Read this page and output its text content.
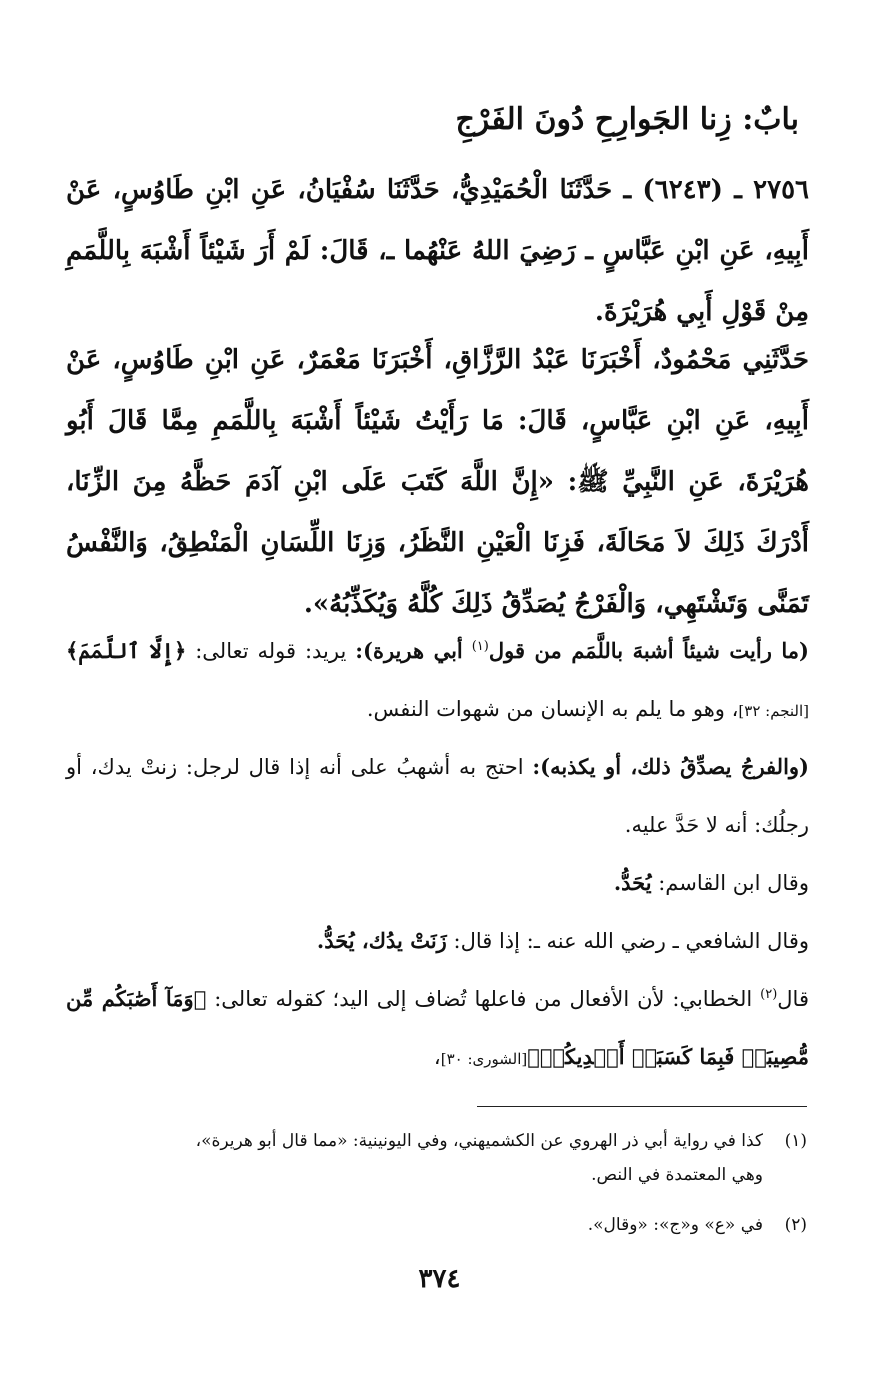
بابٌ: زِنا الجَوارِحِ دُونَ الفَرْجِ
٢٧٥٦ ـ (٦٢٤٣) ـ حَدَّثَنَا الْحُمَيْدِيُّ، حَدَّثَنَا سُفْيَانُ، عَنِ ابْنِ طَاوُسٍ، عَنْ أَبِيهِ، عَنِ ابْنِ عَبَّاسٍ ـ رَضِيَ اللهُ عَنْهُما ـ، قَالَ: لَمْ أَرَ شَيْئاً أَشْبَهَ بِاللَّمَمِ مِنْ قَوْلِ أَبِي هُرَيْرَةَ.
حَدَّثَنِي مَحْمُودٌ، أَخْبَرَنَا عَبْدُ الرَّزَّاقِ، أَخْبَرَنَا مَعْمَرٌ، عَنِ ابْنِ طَاوُسٍ، عَنْ أَبِيهِ، عَنِ ابْنِ عَبَّاسٍ، قَالَ: مَا رَأَيْتُ شَيْئاً أَشْبَهَ بِاللَّمَمِ مِمَّا قَالَ أَبُو هُرَيْرَةَ، عَنِ النَّبِيِّ ﷺ: «إِنَّ اللَّهَ كَتَبَ عَلَى ابْنِ آدَمَ حَظَّهُ مِنَ الزِّنَا، أَدْرَكَ ذَلِكَ لاَ مَحَالَةَ، فَزِنَا الْعَيْنِ النَّظَرُ، وَزِنَا اللِّسَانِ الْمَنْطِقُ، وَالنَّفْسُ تَمَنَّى وَتَشْتَهِي، وَالْفَرْجُ يُصَدِّقُ ذَلِكَ كُلَّهُ وَيُكَذِّبُهُ».
(ما رأيت شيئاً أشبهَ باللَّمَم من قول$^{(١)}$ أبي هريرة): يريد: قوله تعالى: ﴿إِلَّا ٱللَّمَمَ﴾[النجم: ٣٢]، وهو ما يلم به الإنسان من شهوات النفس.
(والفرجُ يصدِّقُ ذلك، أو يكذبه): احتج به أشهبُ على أنه إذا قال لرجل: زنتْ يدك، أو رجلُك: أنه لا حَدَّ عليه.
وقال ابن القاسم: يُحَدُّ.
وقال الشافعي ـ رضي الله عنه ـ: إذا قال: زَنَتْ يدُك، يُحَدُّ.
قال$^{(٢)}$ الخطابي: لأن الأفعال من فاعلها تُضاف إلى اليد؛ كقوله تعالى: ﴿وَمَآ أَصَٰبَكُم مِّن مُّصِيبَةٖ فَبِمَا كَسَبَتۡ أَيۡدِيكُمۡ﴾[الشورى: ٣٠]،
(١)كذا في رواية أبي ذر الهروي عن الكشميهني، وفي اليونينية: «مما قال أبو هريرة»،
وهي المعتمدة في النص.
(٢)في «ع» و«ج»: «وقال».
٣٧٤
